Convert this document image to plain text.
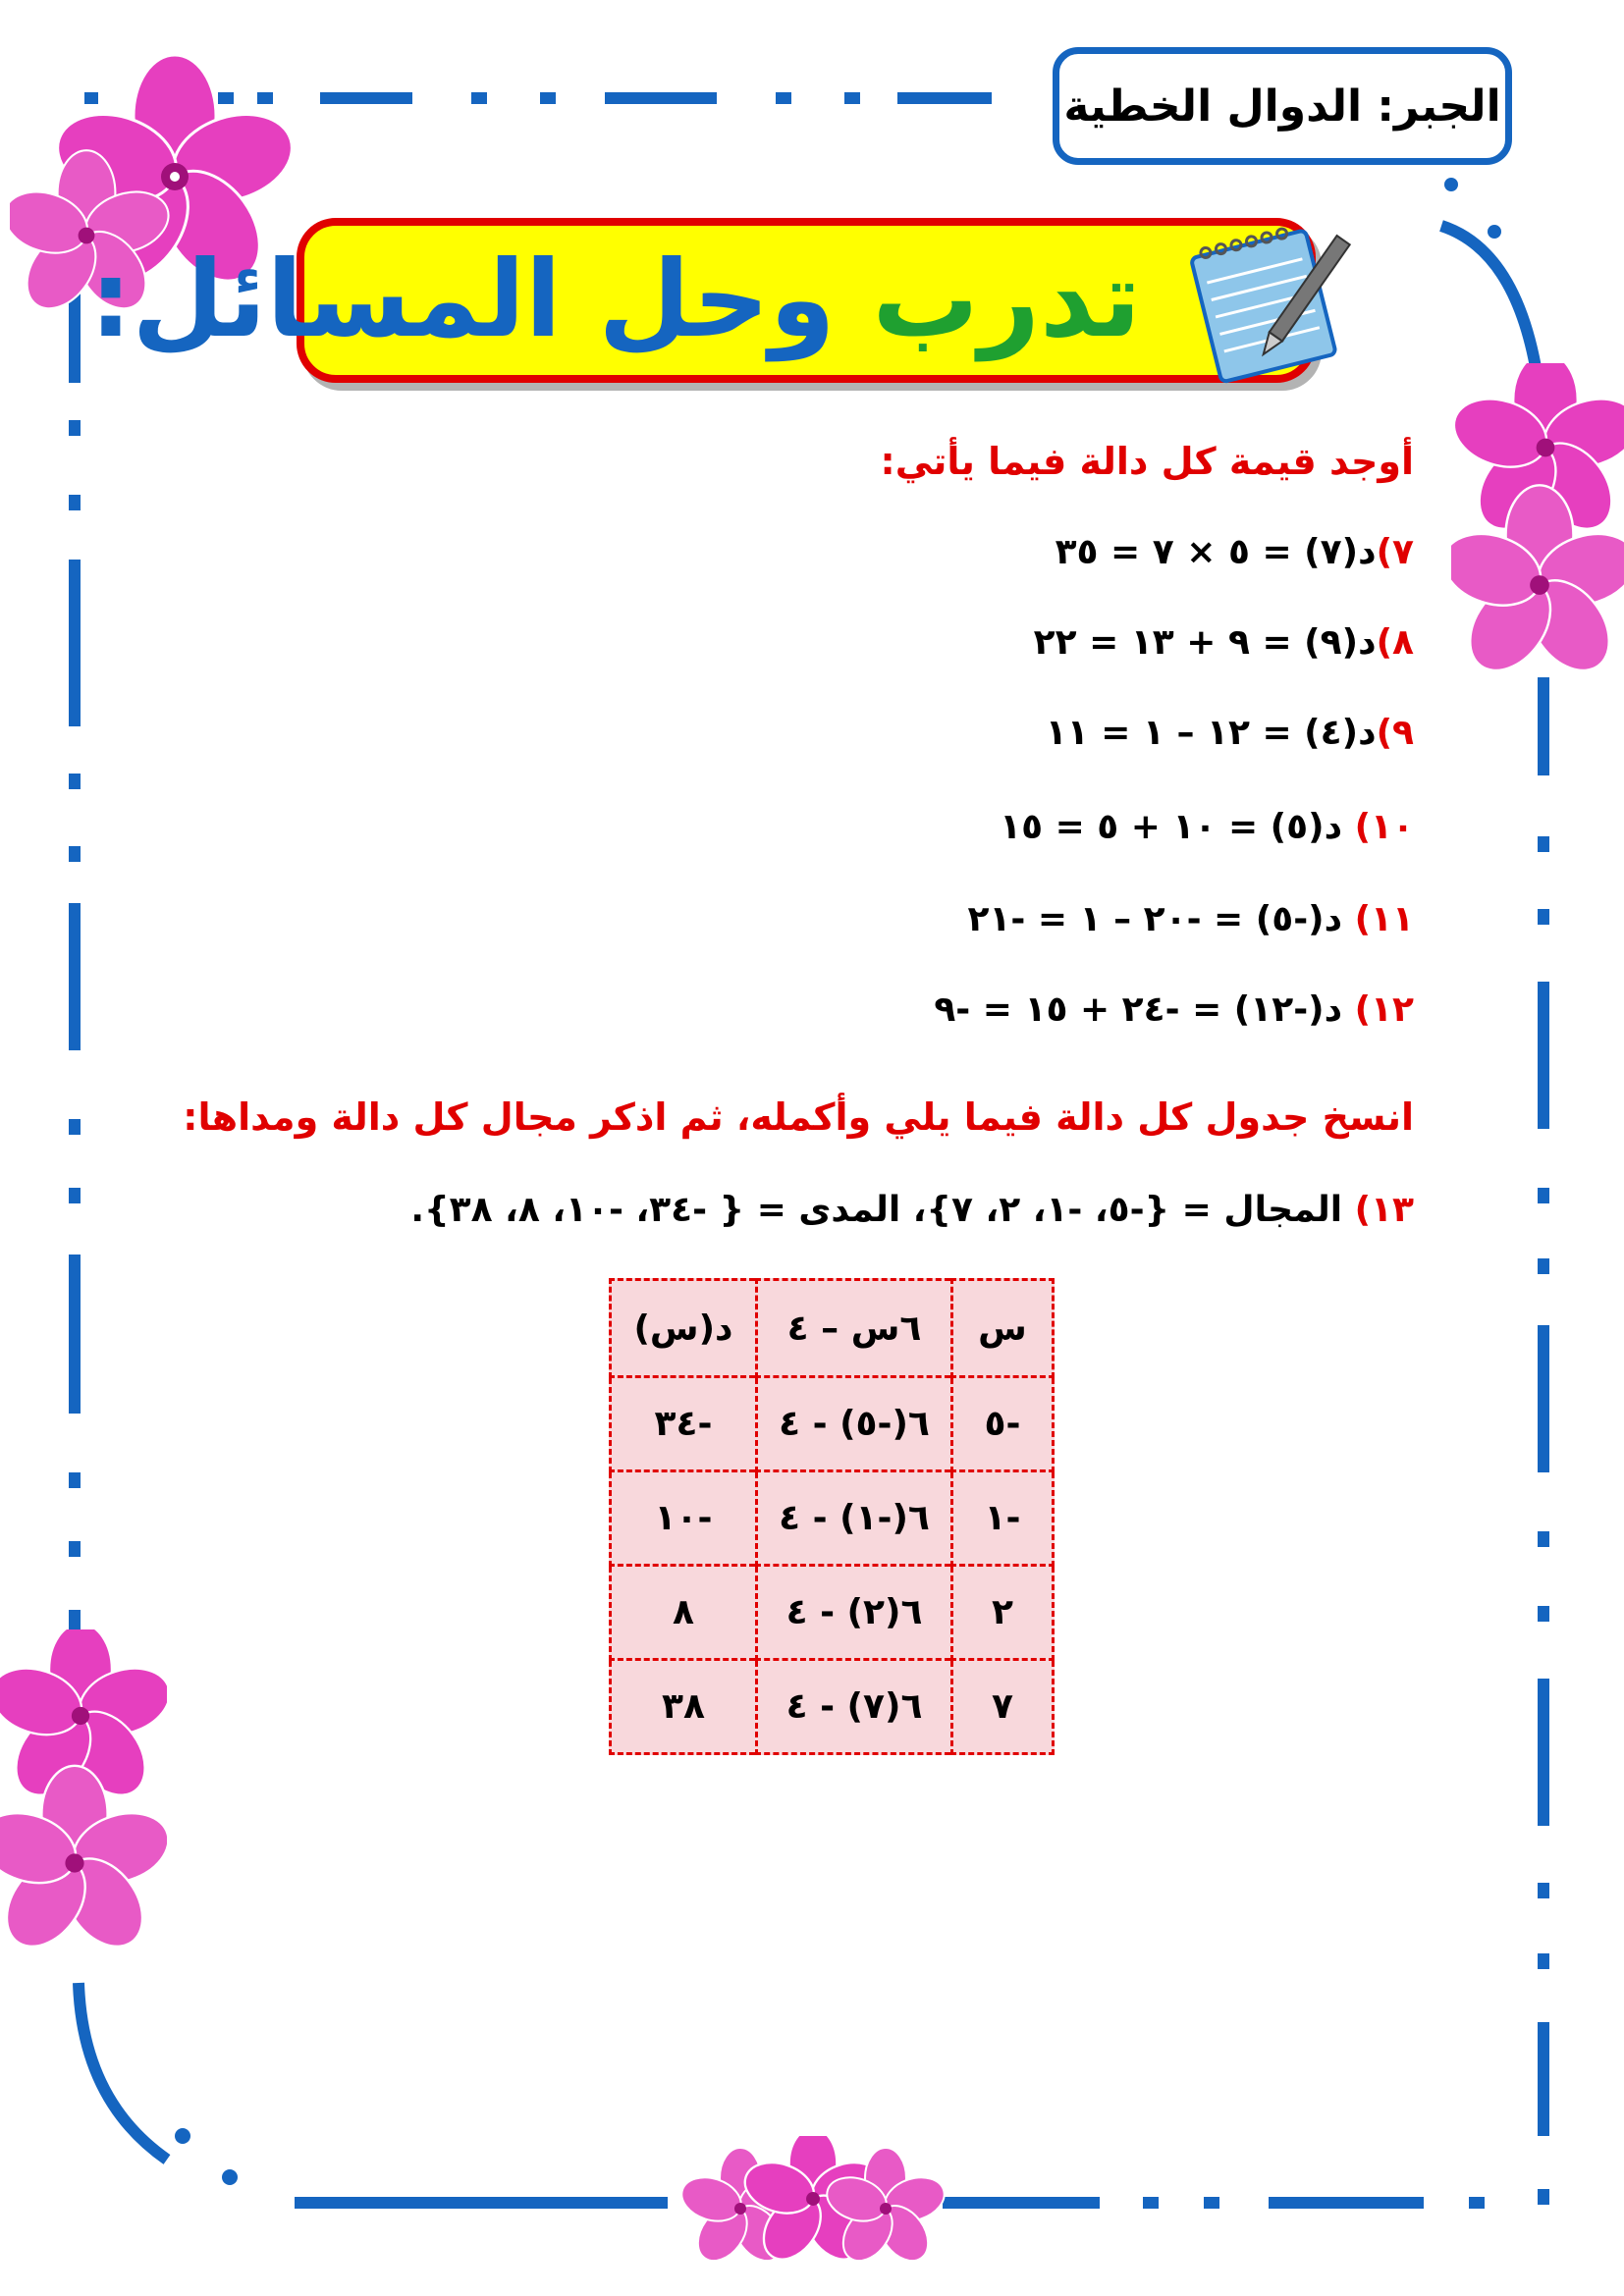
الجبر: الدوال الخطية
تدرب وحل المسائل:
أوجد قيمة كل دالة فيما يأتي:
٧)د(٧) = ٥ × ٧ = ٣٥
٨)د(٩) = ٩ + ١٣ = ٢٢
٩)د(٤) = ١٢ – ١ = ١١
١٠) د(٥) = ١٠ + ٥ = ١٥
١١) د(-٥) = -٢٠ – ١ = -٢١
١٢) د(-١٢) = -٢٤ + ١٥ = -٩
انسخ جدول كل دالة فيما يلي وأكمله، ثم اذكر مجال كل دالة ومداها:
١٣) المجال = {-٥، -١، ٢، ٧}، المدى = { -٣٤، -١٠، ٨، ٣٨}.
س	٦س – ٤	د(س)
-٥	٦(-٥) - ٤	-٣٤
-١	٦(-١) - ٤	-١٠
٢	٦(٢) - ٤	٨
٧	٦(٧) - ٤	٣٨
